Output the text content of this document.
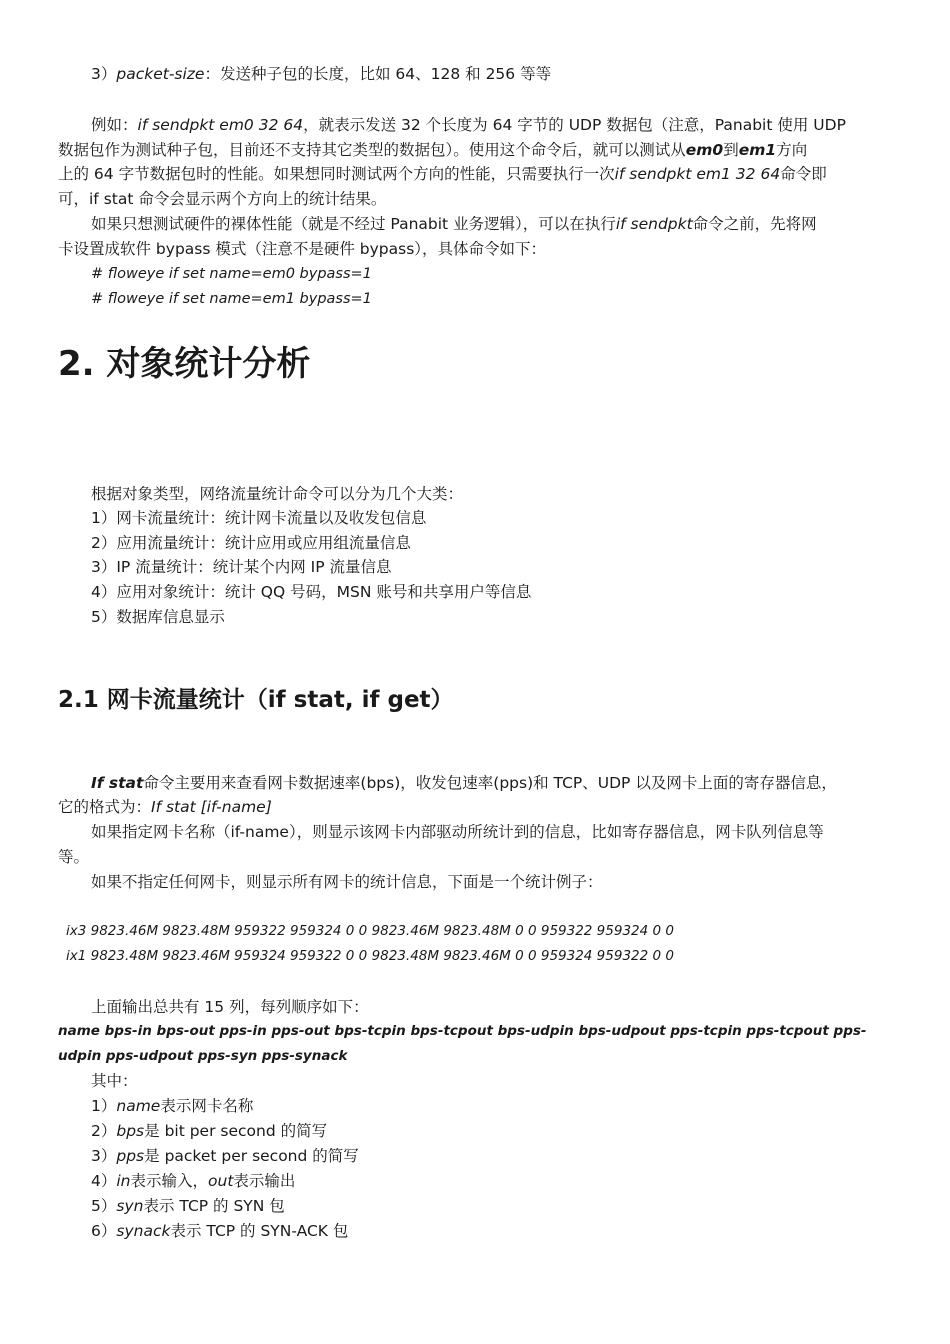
3）packet-size：发送种子包的长度，比如 64、128 和 256 等等
例如：if sendpkt em0 32 64，就表示发送 32 个长度为 64 字节的 UDP 数据包（注意，Panabit 使用 UDP
数据包作为测试种子包，目前还不支持其它类型的数据包）。使用这个命令后，就可以测试从em0到em1方向
上的 64 字节数据包时的性能。如果想同时测试两个方向的性能，只需要执行一次if sendpkt em1 32 64命令即
可，if stat 命令会显示两个方向上的统计结果。
如果只想测试硬件的裸体性能（就是不经过 Panabit 业务逻辑），可以在执行if sendpkt命令之前，先将网
卡设置成软件 bypass 模式（注意不是硬件 bypass），具体命令如下：
# floweye if set name=em0 bypass=1
# floweye if set name=em1 bypass=1
2. 对象统计分析
根据对象类型，网络流量统计命令可以分为几个大类：
1）网卡流量统计：统计网卡流量以及收发包信息
2）应用流量统计：统计应用或应用组流量信息
3）IP 流量统计：统计某个内网 IP 流量信息
4）应用对象统计：统计 QQ 号码，MSN 账号和共享用户等信息
5）数据库信息显示
2.1 网卡流量统计（if stat, if get）
If stat命令主要用来查看网卡数据速率(bps)，收发包速率(pps)和 TCP、UDP 以及网卡上面的寄存器信息，
它的格式为：If stat [if-name]
如果指定网卡名称（if-name），则显示该网卡内部驱动所统计到的信息，比如寄存器信息，网卡队列信息等
等。
如果不指定任何网卡，则显示所有网卡的统计信息，下面是一个统计例子：
ix3 9823.46M 9823.48M 959322 959324 0 0 9823.46M 9823.48M 0 0 959322 959324 0 0
ix1 9823.48M 9823.46M 959324 959322 0 0 9823.48M 9823.46M 0 0 959324 959322 0 0
上面输出总共有 15 列，每列顺序如下：
name bps-in bps-out pps-in pps-out bps-tcpin bps-tcpout bps-udpin bps-udpout pps-tcpin pps-tcpout pps-udpin pps-udpout pps-syn pps-synack
其中：
1）name表示网卡名称
2）bps是 bit per second 的简写
3）pps是 packet per second 的简写
4）in表示输入，out表示输出
5）syn表示 TCP 的 SYN 包
6）synack表示 TCP 的 SYN-ACK 包
